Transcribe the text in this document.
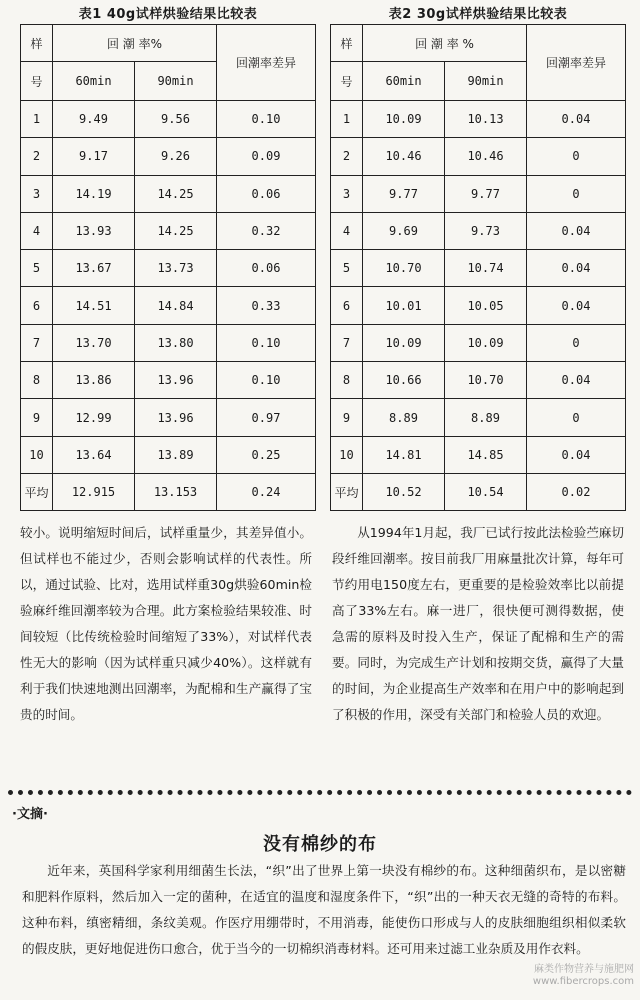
表1 40g试样烘验结果比较表
样	回 潮 率%		回潮率差异
号	60min	90min	
1	9.49	9.56	0.10
2	9.17	9.26	0.09
3	14.19	14.25	0.06
4	13.93	14.25	0.32
5	13.67	13.73	0.06
6	14.51	14.84	0.33
7	13.70	13.80	0.10
8	13.86	13.96	0.10
9	12.99	13.96	0.97
10	13.64	13.89	0.25
平均	12.915	13.153	0.24
表2 30g试样烘验结果比较表
样	回 潮 率 %		回潮率差异
号	60min	90min	
1	10.09	10.13	0.04
2	10.46	10.46	0
3	9.77	9.77	0
4	9.69	9.73	0.04
5	10.70	10.74	0.04
6	10.01	10.05	0.04
7	10.09	10.09	0
8	10.66	10.70	0.04
9	8.89	8.89	0
10	14.81	14.85	0.04
平均	10.52	10.54	0.02

较小。说明缩短时间后，试样重量少，其差异值小。但试样也不能过少，否则会影响试样的代表性。所以，通过试验、比对，选用试样重30g烘验60min检验麻纤维回潮率较为合理。此方案检验结果较准、时间较短（比传统检验时间缩短了33%），对试样代表性无大的影响（因为试样重只减少40%）。这样就有利于我们快速地测出回潮率，为配棉和生产赢得了宝贵的时间。

从1994年1月起，我厂已试行按此法检验苎麻切段纤维回潮率。按目前我厂用麻量批次计算，每年可节约用电150度左右，更重要的是检验效率比以前提高了33%左右。麻一进厂，很快便可测得数据，使急需的原料及时投入生产，保证了配棉和生产的需要。同时，为完成生产计划和按期交货，赢得了大量的时间，为企业提高生产效率和在用户中的影响起到了积极的作用，深受有关部门和检验人员的欢迎。

·文摘·
没有棉纱的布

近年来，英国科学家利用细菌生长法，“织”出了世界上第一块没有棉纱的布。这种细菌织布，是以密糖和肥料作原料，然后加入一定的菌种，在适宜的温度和湿度条件下，“织”出的一种天衣无缝的奇特的布料。这种布料，缜密精细，条纹美观。作医疗用绷带时，不用消毒，能使伤口形成与人的皮肤细胞组织相似柔软的假皮肤，更好地促进伤口愈合，优于当今的一切棉织消毒材料。还可用来过滤工业杂质及用作衣料。

麻类作物营养与施肥网
www.fibercrops.com
